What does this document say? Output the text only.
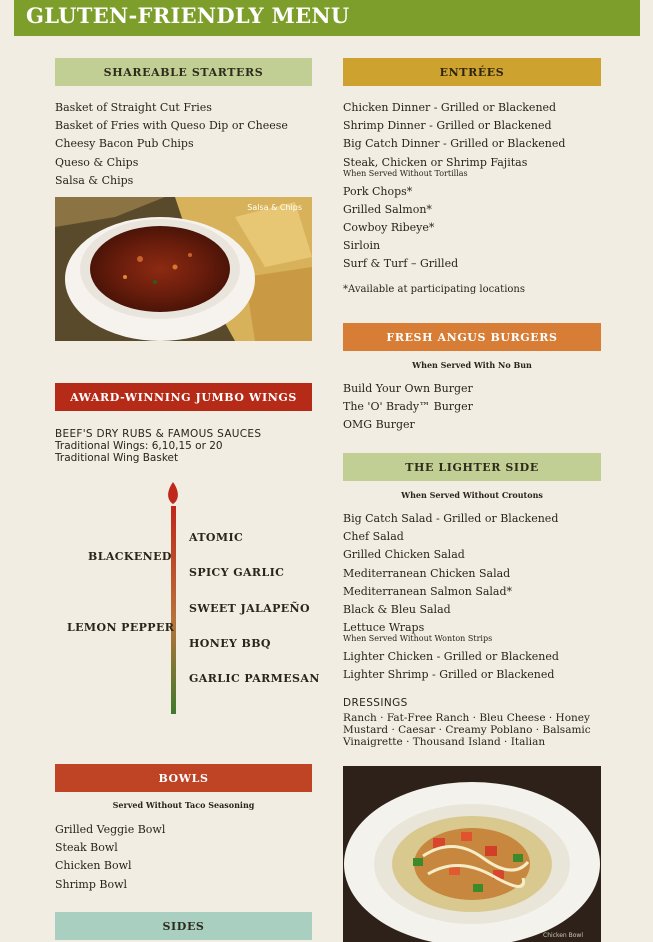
GLUTEN-FRIENDLY MENU
SHAREABLE STARTERS
Basket of Straight Cut Fries
Basket of Fries with Queso Dip or Cheese
Cheesy Bacon Pub Chips
Queso & Chips
Salsa & Chips
Salsa & Chips
AWARD-WINNING JUMBO WINGS
BEEF'S DRY RUBS & FAMOUS SAUCES
Traditional Wings: 6,10,15 or 20
Traditional Wing Basket
BLACKENED
LEMON PEPPER
ATOMIC
SPICY GARLIC
SWEET JALAPEÑO
HONEY BBQ
GARLIC PARMESAN
BOWLS
Served Without Taco Seasoning
Grilled Veggie Bowl
Steak Bowl
Chicken Bowl
Shrimp Bowl
SIDES
ENTRÉES
Chicken Dinner - Grilled or Blackened
Shrimp Dinner - Grilled or Blackened
Big Catch Dinner - Grilled or Blackened
Steak, Chicken or Shrimp Fajitas
When Served Without Tortillas
Pork Chops*
Grilled Salmon*
Cowboy Ribeye*
Sirloin
Surf & Turf – Grilled
*Available at participating locations
FRESH ANGUS BURGERS
When Served With No Bun
Build Your Own Burger
The 'O' Brady™ Burger
OMG Burger
THE LIGHTER SIDE
When Served Without Croutons
Big Catch Salad - Grilled or Blackened
Chef Salad
Grilled Chicken Salad
Mediterranean Chicken Salad
Mediterranean Salmon Salad*
Black & Bleu Salad
Lettuce Wraps
When Served Without Wonton Strips
Lighter Chicken - Grilled or Blackened
Lighter Shrimp - Grilled or Blackened
DRESSINGS
Ranch · Fat-Free Ranch · Bleu Cheese · Honey Mustard · Caesar · Creamy Poblano · Balsamic Vinaigrette · Thousand Island · Italian
Chicken Bowl
